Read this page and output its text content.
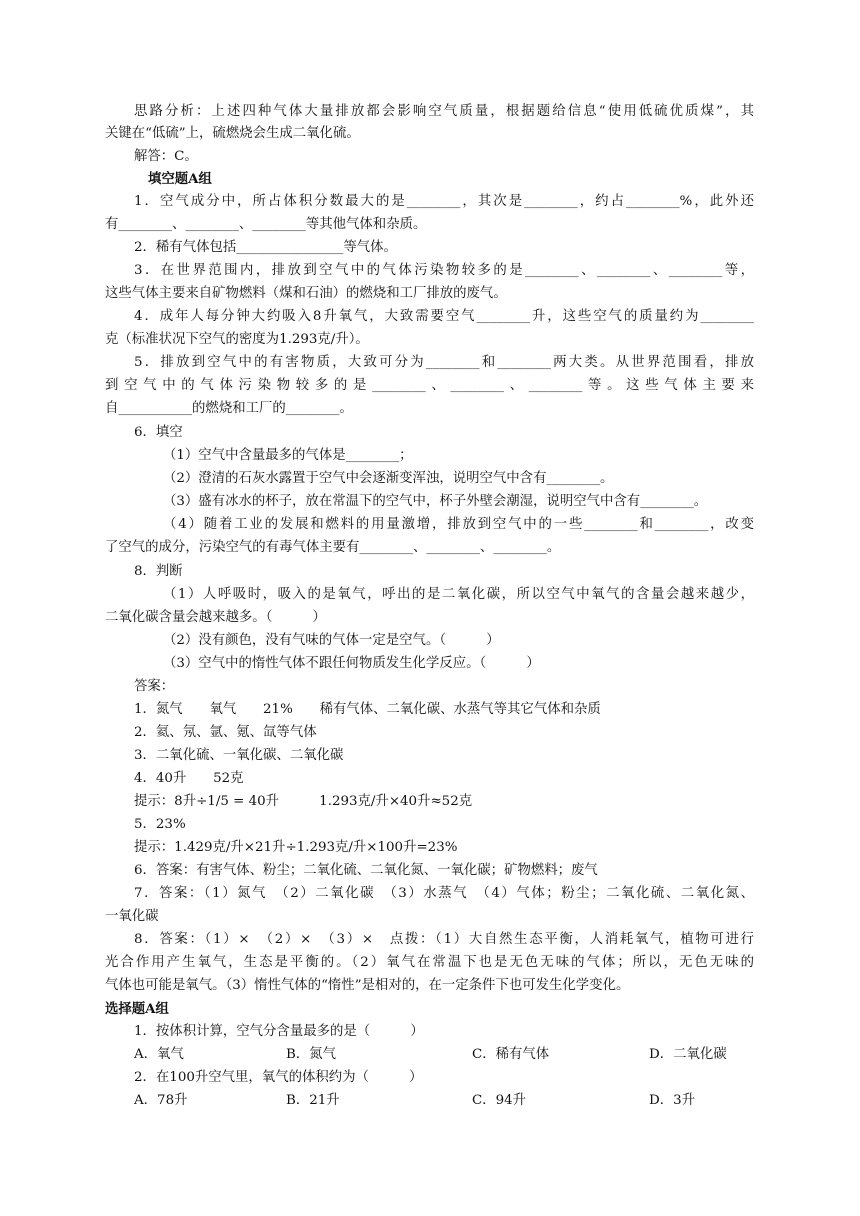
思路分析：上述四种气体大量排放都会影响空气质量，根据题给信息“使用低硫优质煤”，其
关键在“低硫”上，硫燃烧会生成二氧化硫。
解答：C。
填空题A组
1．空气成分中，所占体积分数最大的是________，其次是________，约占________%，此外还
有________、________、________等其他气体和杂质。
2．稀有气体包括________________等气体。
3．在世界范围内，排放到空气中的气体污染物较多的是________、________、________等，
这些气体主要来自矿物燃料（煤和石油）的燃烧和工厂排放的废气。
4．成年人每分钟大约吸入8升氧气，大致需要空气________升，这些空气的质量约为________
克（标准状况下空气的密度为1.293克/升）。
5．排放到空气中的有害物质，大致可分为________和________两大类。从世界范围看，排放
到空气中的气体污染物较多的是________、________、________等。这些气体主要来
自___________的燃烧和工厂的________。
6．填空
（1）空气中含量最多的气体是________；
（2）澄清的石灰水露置于空气中会逐渐变浑浊，说明空气中含有________。
（3）盛有冰水的杯子，放在常温下的空气中，杯子外壁会潮湿，说明空气中含有________。
（4）随着工业的发展和燃料的用量激增，排放到空气中的一些________和________，改变
了空气的成分，污染空气的有毒气体主要有________、________、________。
8．判断
（1）人呼吸时，吸入的是氧气，呼出的是二氧化碳，所以空气中氧气的含量会越来越少，
二氧化碳含量会越来越多。（　　　）
（2）没有颜色，没有气味的气体一定是空气。（　　　）
（3）空气中的惰性气体不跟任何物质发生化学反应。（　　　）
答案：
1．氮气　　氧气　　21%　　稀有气体、二氧化碳、水蒸气等其它气体和杂质
2．氦、氖、氩、氪、氙等气体
3．二氧化硫、一氧化碳、二氧化碳
4．40升　　52克
提示：8升÷1/5 = 40升　　　1.293克/升×40升≈52克
5．23%
提示：1.429克/升×21升÷1.293克/升×100升=23%
6．答案：有害气体、粉尘；二氧化硫、二氧化氮、一氧化碳；矿物燃料；废气
7．答案：（1）氮气　（2）二氧化碳　（3）水蒸气　（4）气体；粉尘；二氧化硫、二氧化氮、
一氧化碳
8．答案：（1）×　（2）×　（3）×　点拨：（1）大自然生态平衡，人消耗氧气，植物可进行
光合作用产生氧气，生态是平衡的。（2）氧气在常温下也是无色无味的气体；所以，无色无味的
气体也可能是氧气。（3）惰性气体的“惰性”是相对的，在一定条件下也可发生化学变化。
选择题A组
1．按体积计算，空气分含量最多的是（　　　）
A．氧气	B．氮气	C．稀有气体	D．二氧化碳
2．在100升空气里，氧气的体积约为（　　　）
A．78升	B．21升	C．94升	D．3升
